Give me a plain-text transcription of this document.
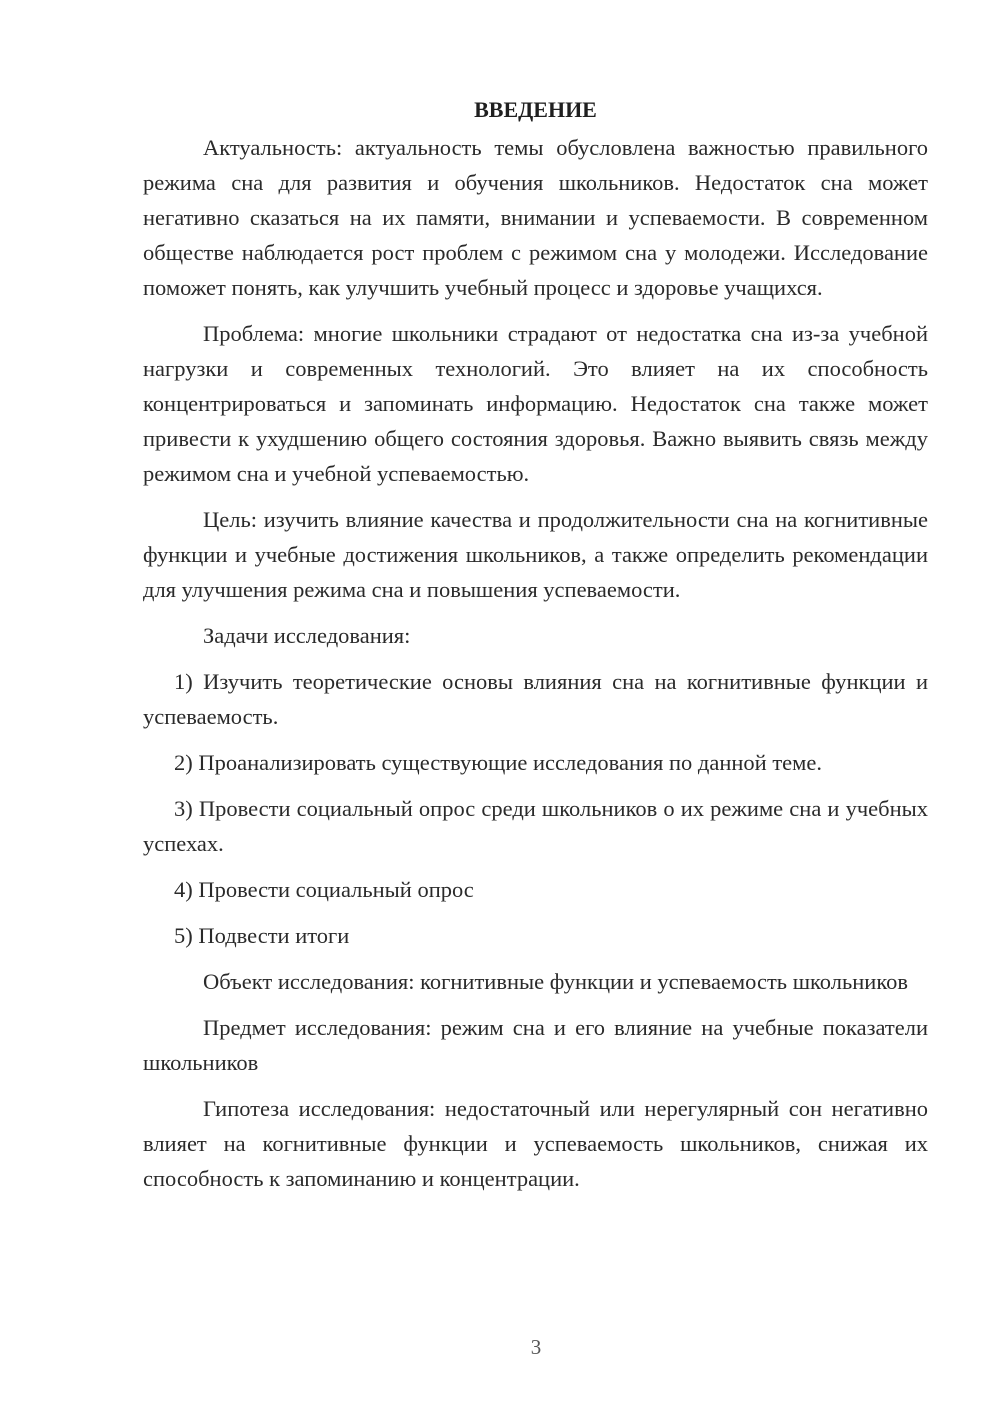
ВВЕДЕНИЕ

Актуальность: актуальность темы обусловлена важностью правильного режима сна для развития и обучения школьников. Недостаток сна может негативно сказаться на их памяти, внимании и успеваемости. В современном обществе наблюдается рост проблем с режимом сна у молодежи. Исследование поможет понять, как улучшить учебный процесс и здоровье учащихся.

Проблема: многие школьники страдают от недостатка сна из-за учебной нагрузки и современных технологий. Это влияет на их способность концентрироваться и запоминать информацию. Недостаток сна также может привести к ухудшению общего состояния здоровья. Важно выявить связь между режимом сна и учебной успеваемостью.

Цель: изучить влияние качества и продолжительности сна на когнитивные функции и учебные достижения школьников, а также определить рекомендации для улучшения режима сна и повышения успеваемости.

Задачи исследования:

1) Изучить теоретические основы влияния сна на когнитивные функции и успеваемость.

2) Проанализировать существующие исследования по данной теме.

3) Провести социальный опрос среди школьников о их режиме сна и учебных успехах.

4) Провести социальный опрос

5) Подвести итоги

Объект исследования: когнитивные функции и успеваемость школьников

Предмет исследования: режим сна и его влияние на учебные показатели школьников

Гипотеза исследования: недостаточный или нерегулярный сон негативно влияет на когнитивные функции и успеваемость школьников, снижая их способность к запоминанию и концентрации.

3
